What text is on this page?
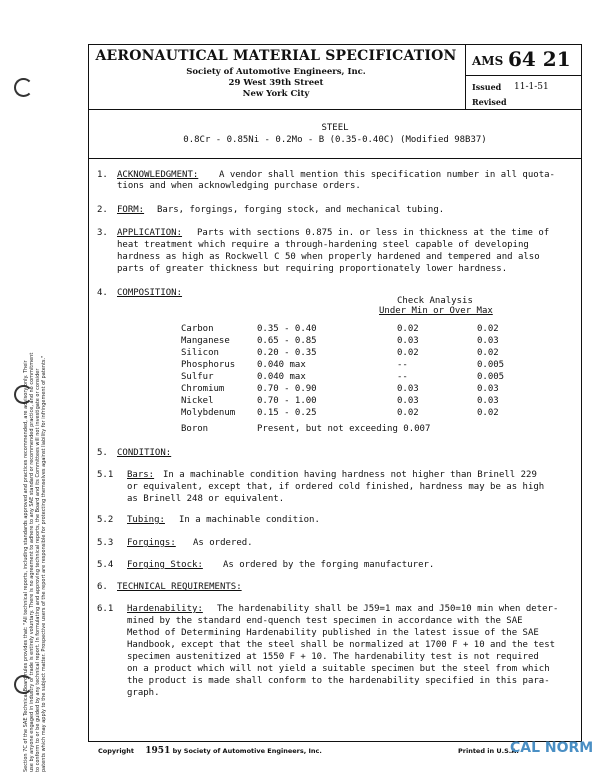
Section 7C of the SAE Technical Board rules provides that: "All technical reports, including standards approved and practices recommended, are advisory only. Their use by anyone engaged in industry or trade is entirely voluntary. There is no agreement to adhere to any SAE standard or recommended practice, and no commitment to conform to or be guided by any technical report. In formulating and approving technical reports, the Board and its Committees will not investigate or consider patents which may apply to the subject matter. Prospective users of the report are responsible for protecting themselves against liability for infringement of patents."
AERONAUTICAL MATERIAL SPECIFICATION
Society of Automotive Engineers, Inc.
29 West 39th Street
New York City
AMS 64 21
Issued 11-1-51
Revised
STEEL
0.8Cr - 0.85Ni - 0.2Mo - B (0.35-0.40C) (Modified 98B37)
1. ACKNOWLEDGMENT: A vendor shall mention this specification number in all quota-
tions and when acknowledging purchase orders.
2. FORM: Bars, forgings, forging stock, and mechanical tubing.
3. APPLICATION: Parts with sections 0.875 in. or less in thickness at the time of
heat treatment which require a through-hardening steel capable of developing
hardness as high as Rockwell C 50 when properly hardened and tempered and also
parts of greater thickness but requiring proportionately lower hardness.
4. COMPOSITION:
Check Analysis
Under Min or Over Max
Carbon	0.35 - 0.40	0.02	0.02
Manganese	0.65 - 0.85	0.03	0.03
Silicon	0.20 - 0.35	0.02	0.02
Phosphorus 0.040 max	--	0.005
Sulfur	0.040 max	--	0.005
Chromium	0.70 - 0.90	0.03	0.03
Nickel	0.70 - 1.00	0.03	0.03
Molybdenum 0.15 - 0.25	0.02	0.02
Boron	Present, but not exceeding 0.007
5. CONDITION:
5.1 Bars: In a machinable condition having hardness not higher than Brinell 229
or equivalent, except that, if ordered cold finished, hardness may be as high
as Brinell 248 or equivalent.
5.2 Tubing: In a machinable condition.
5.3 Forgings: As ordered.
5.4 Forging Stock: As ordered by the forging manufacturer.
6. TECHNICAL REQUIREMENTS:
6.1 Hardenability: The hardenability shall be J59=1 max and J50=10 min when deter-
mined by the standard end-quench test specimen in accordance with the SAE
Method of Determining Hardenability published in the latest issue of the SAE
Handbook, except that the steel shall be normalized at 1700 F + 10 and the test
specimen austenitized at 1550 F + 10. The hardenability test is not required
on a product which will not yield a suitable specimen but the steel from which
the product is made shall conform to the hardenability specified in this para-
graph.
Copyright 1951 by Society of Automotive Engineers, Inc.	Printed in U.S.A.
CAL NORM
